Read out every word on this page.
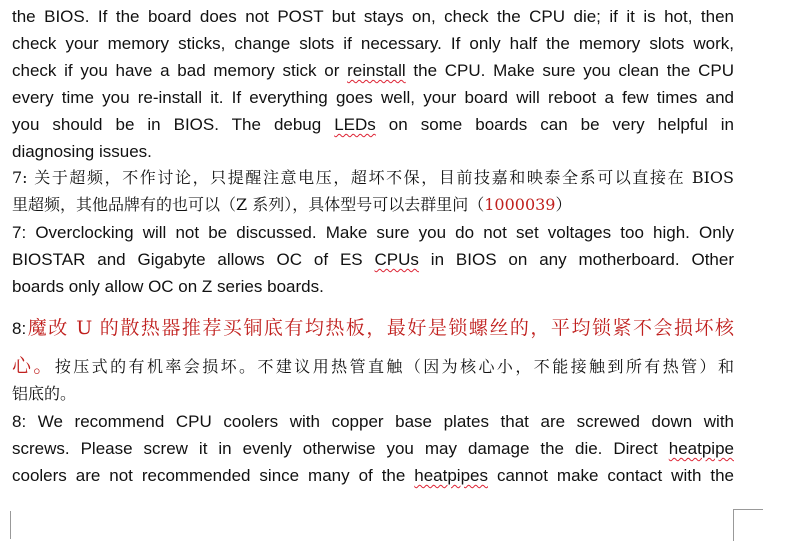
the BIOS. If the board does not POST but stays on, check the CPU die; if it is hot, then
check your memory sticks, change slots if necessary. If only half the memory slots work,
check if you have a bad memory stick or reinstall the CPU. Make sure you clean the CPU
every time you re-install it. If everything goes well, your board will reboot a few times and
you should be in BIOS. The debug LEDs on some boards can be very helpful in
diagnosing issues.
7: 关于超频，不作讨论，只提醒注意电压，超坏不保，目前技嘉和映泰全系可以直接在 BIOS
里超频，其他品牌有的也可以（Z 系列），具体型号可以去群里问（1000039）
7: Overclocking will not be discussed. Make sure you do not set voltages too high. Only
BIOSTAR and Gigabyte allows OC of ES CPUs in BIOS on any motherboard. Other
boards only allow OC on Z series boards.
8:魔改 U 的散热器推荐买铜底有均热板，最好是锁螺丝的，平均锁紧不会损坏核
心。按压式的有机率会损坏。不建议用热管直触（因为核心小，不能接触到所有热管）和
铝底的。
8: We recommend CPU coolers with copper base plates that are screwed down with
screws. Please screw it in evenly otherwise you may damage the die. Direct heatpipe
coolers are not recommended since many of the heatpipes cannot make contact with the
